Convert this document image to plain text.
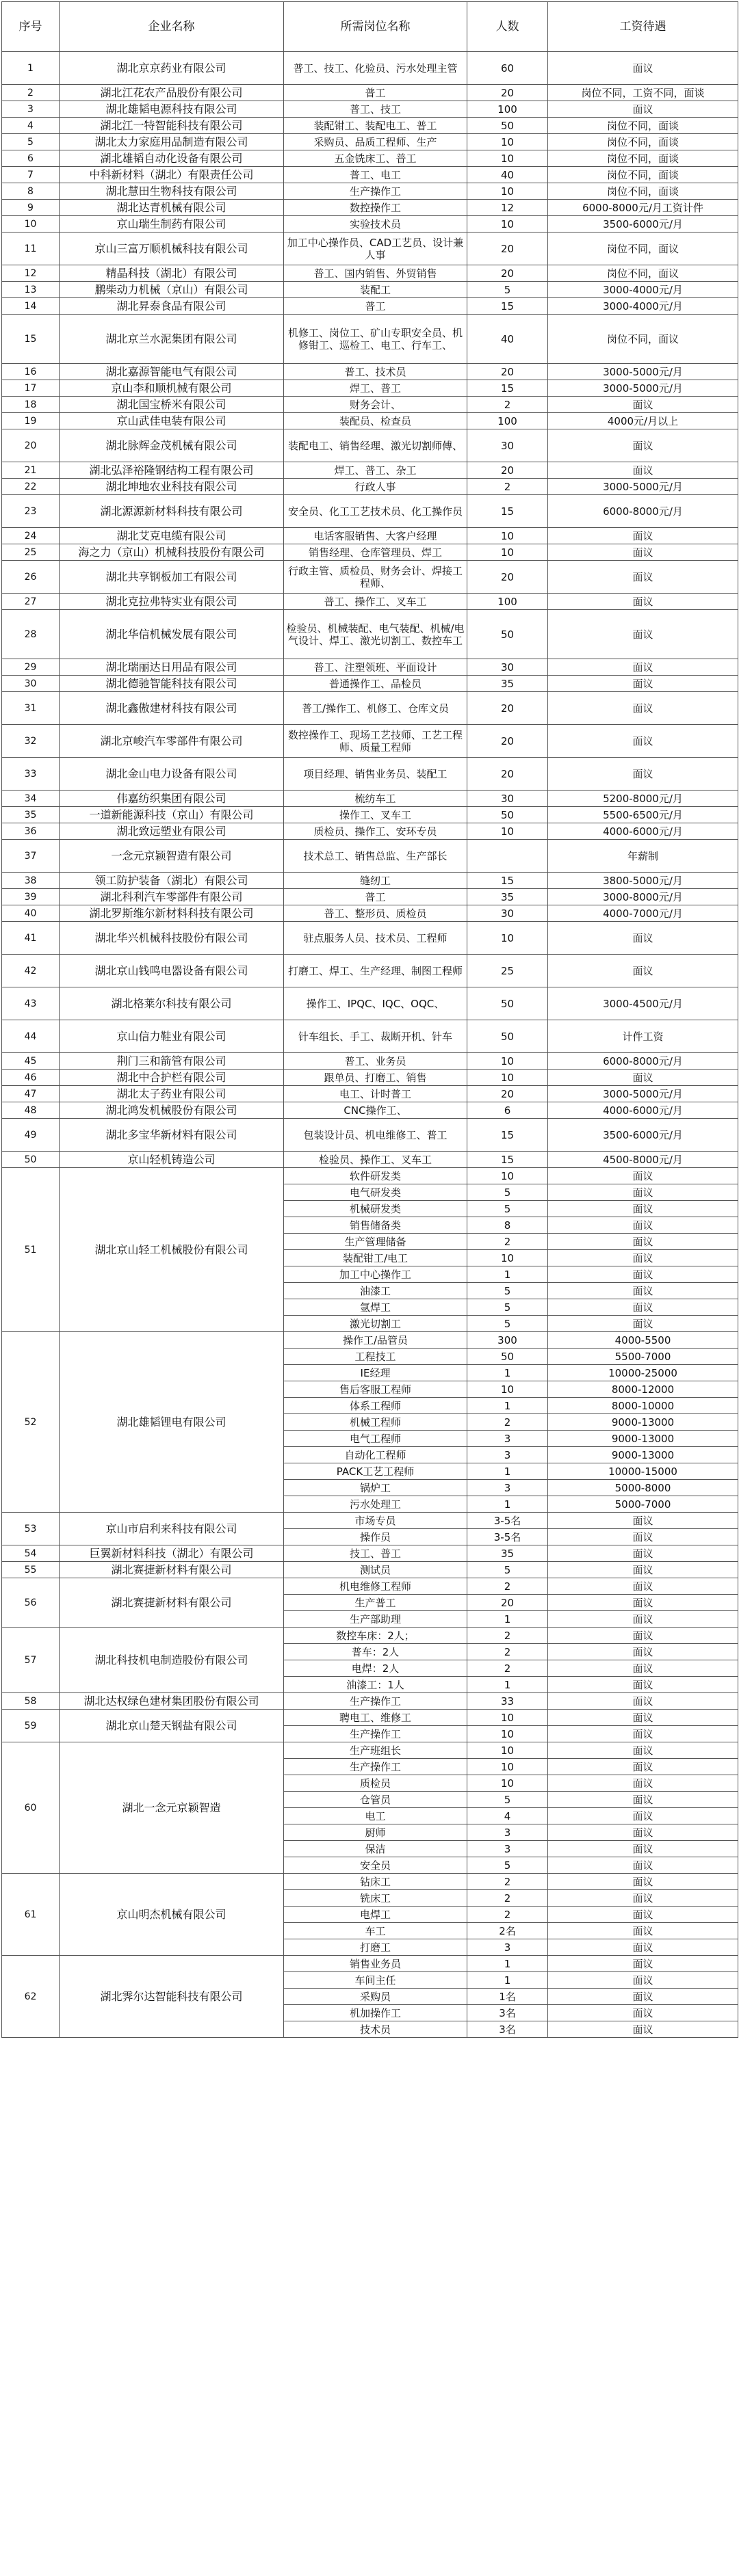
序号	企业名称	所需岗位名称	人数	工资待遇
1	湖北京京药业有限公司	普工、技工、化验员、污水处理主管	60	面议
2	湖北江花农产品股份有限公司	普工	20	岗位不同，工资不同，面谈
3	湖北雄韬电源科技有限公司	普工、技工	100	面议
4	湖北江一特智能科技有限公司	装配钳工、装配电工、普工	50	岗位不同，面谈
5	湖北太力家庭用品制造有限公司	采购员、品质工程师、生产	10	岗位不同，面谈
6	湖北雄韬自动化设备有限公司	五金铣床工、普工	10	岗位不同，面谈
7	中科新材料（湖北）有限责任公司	普工、电工	40	岗位不同，面谈
8	湖北慧田生物科技有限公司	生产操作工	10	岗位不同，面谈
9	湖北达青机械有限公司	数控操作工	12	6000-8000元/月工资计件
10	京山瑞生制药有限公司	实验技术员	10	3500-6000元/月
11	京山三富万顺机械科技有限公司	加工中心操作员、CAD工艺员、设计兼人事	20	岗位不同，面议
12	精晶科技（湖北）有限公司	普工、国内销售、外贸销售	20	岗位不同，面议
13	鹏柴动力机械（京山）有限公司	装配工	5	3000-4000元/月
14	湖北昇泰食品有限公司	普工	15	3000-4000元/月
15	湖北京兰水泥集团有限公司	机修工、岗位工、矿山专职安全员、机修钳工、巡检工、电工、行车工、	40	岗位不同，面议
16	湖北嘉源智能电气有限公司	普工、技术员	20	3000-5000元/月
17	京山李和顺机械有限公司	焊工、普工	15	3000-5000元/月
18	湖北国宝桥米有限公司	财务会计、	2	面议
19	京山武佳电装有限公司	装配员、检查员	100	4000元/月以上
20	湖北脉辉金茂机械有限公司	装配电工、销售经理、激光切割师傅、	30	面议
21	湖北弘泽裕隆钢结构工程有限公司	焊工、普工、杂工	20	面议
22	湖北坤地农业科技有限公司	行政人事	2	3000-5000元/月
23	湖北源源新材料科技有限公司	安全员、化工工艺技术员、化工操作员	15	6000-8000元/月
24	湖北艾克电缆有限公司	电话客服销售、大客户经理	10	面议
25	海之力（京山）机械科技股份有限公司	销售经理、仓库管理员、焊工	10	面议
26	湖北共享钢板加工有限公司	行政主管、质检员、财务会计、焊接工程师、	20	面议
27	湖北克拉弗特实业有限公司	普工、操作工、叉车工	100	面议
28	湖北华信机械发展有限公司	检验员、机械装配、电气装配、机械/电气设计、焊工、激光切割工、数控车工	50	面议
29	湖北瑞丽达日用品有限公司	普工、注塑领班、平面设计	30	面议
30	湖北德驰智能科技有限公司	普通操作工、品检员	35	面议
31	湖北鑫傲建材科技有限公司	普工/操作工、机修工、仓库文员	20	面议
32	湖北京峻汽车零部件有限公司	数控操作工、现场工艺技师、工艺工程师、质量工程师	20	面议
33	湖北金山电力设备有限公司	项目经理、销售业务员、装配工	20	面议
34	伟嘉纺织集团有限公司	梳纺车工	30	5200-8000元/月
35	一道新能源科技（京山）有限公司	操作工、叉车工	50	5500-6500元/月
36	湖北致远塑业有限公司	质检员、操作工、安环专员	10	4000-6000元/月
37	一念元京颖智造有限公司	技术总工、销售总监、生产部长		年薪制
38	领工防护装备（湖北）有限公司	缝纫工	15	3800-5000元/月
39	湖北科利汽车零部件有限公司	普工	35	3000-8000元/月
40	湖北罗斯维尔新材料科技有限公司	普工、整形员、质检员	30	4000-7000元/月
41	湖北华兴机械科技股份有限公司	驻点服务人员、技术员、工程师	10	面议
42	湖北京山钱鸣电器设备有限公司	打磨工、焊工、生产经理、制图工程师	25	面议
43	湖北格莱尔科技有限公司	操作工、IPQC、IQC、OQC、	50	3000-4500元/月
44	京山信力鞋业有限公司	针车组长、手工、裁断开机、针车	50	计件工资
45	荆门三和箭管有限公司	普工、业务员	10	6000-8000元/月
46	湖北中合护栏有限公司	跟单员、打磨工、销售	10	面议
47	湖北太子药业有限公司	电工、计时普工	20	3000-5000元/月
48	湖北鸿发机械股份有限公司	CNC操作工、	6	4000-6000元/月
49	湖北多宝华新材料有限公司	包装设计员、机电维修工、普工	15	3500-6000元/月
50	京山轻机铸造公司	检验员、操作工、叉车工	15	4500-8000元/月
51	湖北京山轻工机械股份有限公司	软件研发类	10	面议
		电气研发类	5	面议
		机械研发类	5	面议
		销售储备类	8	面议
		生产管理储备	2	面议
		装配钳工/电工	10	面议
		加工中心操作工	1	面议
		油漆工	5	面议
		氩焊工	5	面议
		激光切割工	5	面议
52	湖北雄韬锂电有限公司	操作工/品管员	300	4000-5500
		工程技工	50	5500-7000
		IE经理	1	10000-25000
		售后客服工程师	10	8000-12000
		体系工程师	1	8000-10000
		机械工程师	2	9000-13000
		电气工程师	3	9000-13000
		自动化工程师	3	9000-13000
		PACK工艺工程师	1	10000-15000
		锅炉工	3	5000-8000
		污水处理工	1	5000-7000
53	京山市启利来科技有限公司	市场专员	3-5名	面议
		操作员	3-5名	面议
54	巨翼新材料科技（湖北）有限公司	技工、普工	35	面议
55	湖北赛捷新材料有限公司	测试员	5	面议
56	湖北赛捷新材料有限公司	机电维修工程师	2	面议
		生产普工	20	面议
		生产部助理	1	面议
57	湖北科技机电制造股份有限公司	数控车床：2人；	2	面议
		普车：2人	2	面议
		电焊：2人	2	面议
		油漆工：1人	1	面议
58	湖北达权绿色建材集团股份有限公司	生产操作工	33	面议
59	湖北京山楚天钢盐有限公司	聘电工、维修工	10	面议
		生产操作工	10	面议
60	湖北一念元京颖智造	生产班组长	10	面议
		生产操作工	10	面议
		质检员	10	面议
		仓管员	5	面议
		电工	4	面议
		厨师	3	面议
		保洁	3	面议
		安全员	5	面议
61	京山明杰机械有限公司	钻床工	2	面议
		铣床工	2	面议
		电焊工	2	面议
		车工	2名	面议
		打磨工	3	面议
62	湖北霁尔达智能科技有限公司	销售业务员	1	面议
		车间主任	1	面议
		采购员	1名	面议
		机加操作工	3名	面议
		技术员	3名	面议
